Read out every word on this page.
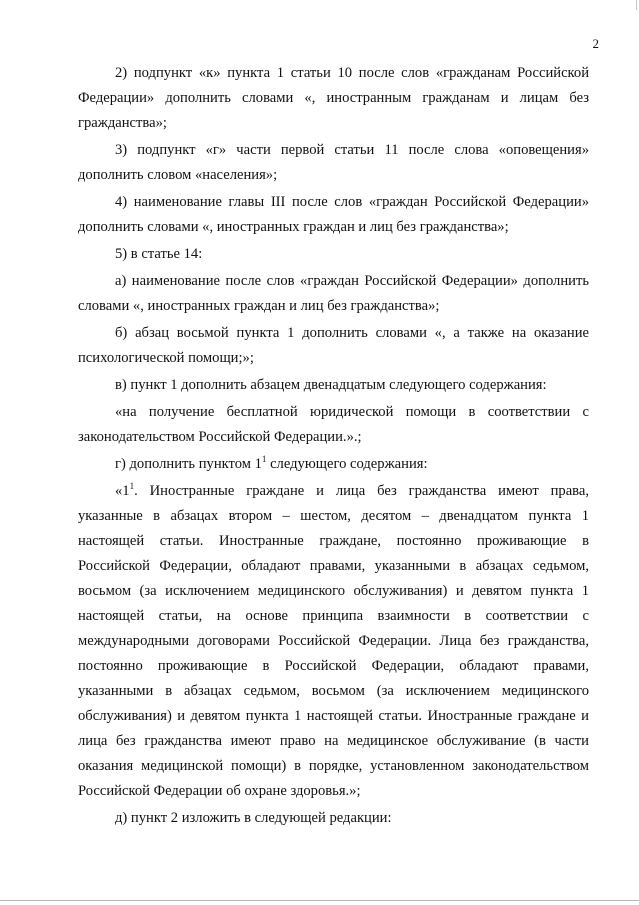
2
2) подпункт «к» пункта 1 статьи 10 после слов «гражданам Российской
Федерации» дополнить словами «, иностранным гражданам и лицам без
гражданства»;
3) подпункт «г» части первой статьи 11 после слова «оповещения»
дополнить словом «населения»;
4) наименование главы III после слов «граждан Российской Федерации»
дополнить словами «, иностранных граждан и лиц без гражданства»;
5) в статье 14:
а) наименование после слов «граждан Российской Федерации» дополнить
словами «, иностранных граждан и лиц без гражданства»;
б) абзац восьмой пункта 1 дополнить словами «, а также на оказание
психологической помощи;»;
в) пункт 1 дополнить абзацем двенадцатым следующего содержания:
«на получение бесплатной юридической помощи в соответствии с
законодательством Российской Федерации.».;
г) дополнить пунктом $1^1$ следующего содержания:
«$1^1$. Иностранные граждане и лица без гражданства имеют права,
указанные в абзацах втором – шестом, десятом – двенадцатом пункта 1
настоящей статьи. Иностранные граждане, постоянно проживающие в
Российской Федерации, обладают правами, указанными в абзацах седьмом,
восьмом (за исключением медицинского обслуживания) и девятом пункта 1
настоящей статьи, на основе принципа взаимности в соответствии с
международными договорами Российской Федерации. Лица без гражданства,
постоянно проживающие в Российской Федерации, обладают правами,
указанными в абзацах седьмом, восьмом (за исключением медицинского
обслуживания) и девятом пункта 1 настоящей статьи. Иностранные граждане и
лица без гражданства имеют право на медицинское обслуживание (в части
оказания медицинской помощи) в порядке, установленном законодательством
Российской Федерации об охране здоровья.»;
д) пункт 2 изложить в следующей редакции:
